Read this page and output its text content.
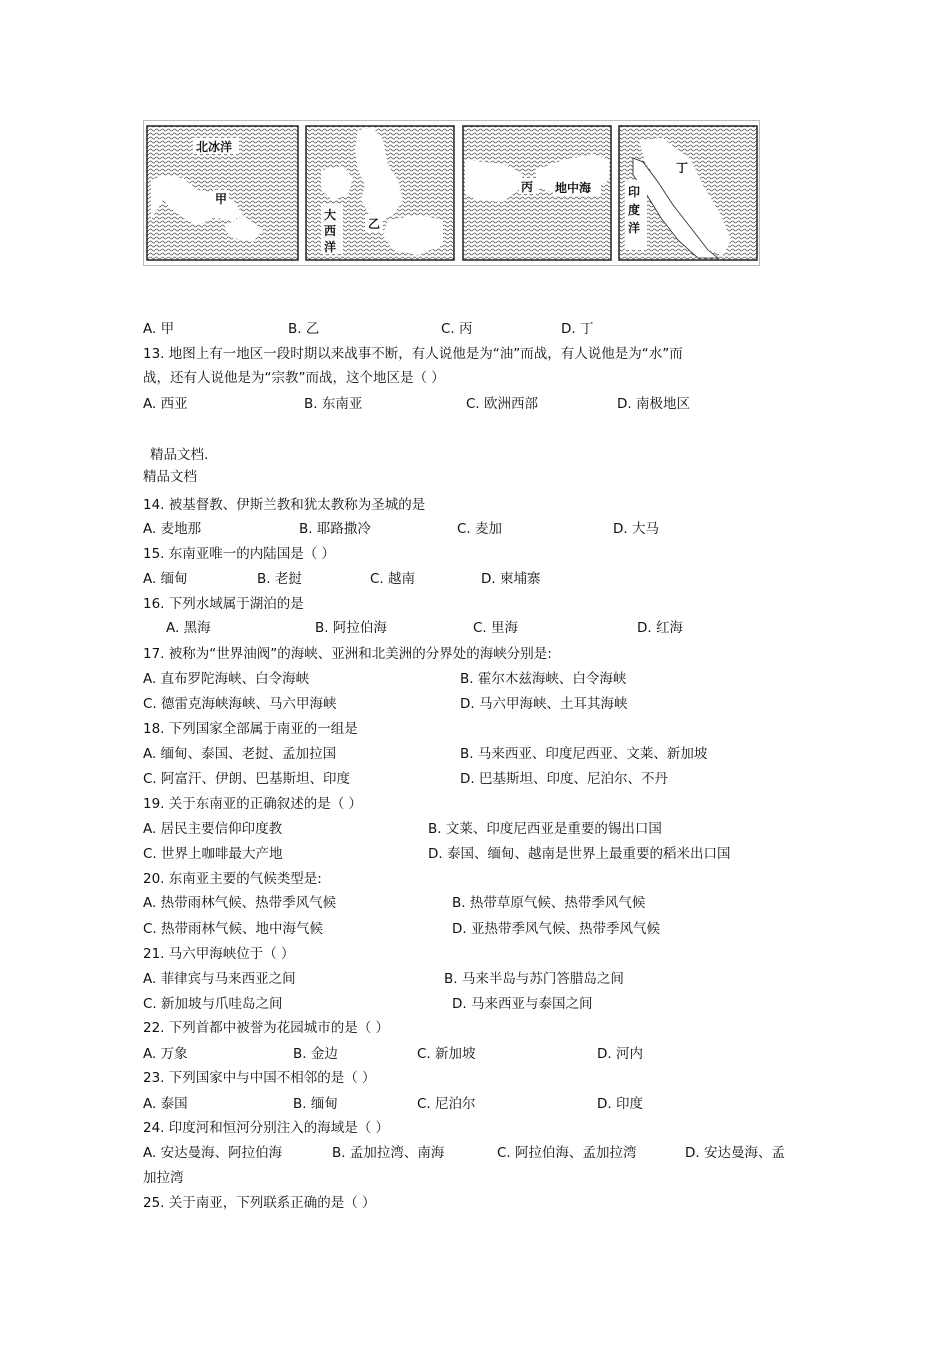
北冰洋
甲
大
西
洋
乙
丙 地中海	印
度
洋
丁
A. 甲	B. 乙	C. 丙	D. 丁
13. 地图上有一地区一段时期以来战事不断，有人说他是为“油”而战，有人说他是为“水”而
战，还有人说他是为“宗教”而战，这个地区是（ ）
A. 西亚	B. 东南亚	C. 欧洲西部	D. 南极地区
精品文档.
精品文档
14. 被基督教、伊斯兰教和犹太教称为圣城的是
A. 麦地那	B. 耶路撒冷	C. 麦加	D. 大马
15. 东南亚唯一的内陆国是（ ）
A. 缅甸	B. 老挝	C. 越南	D. 柬埔寨
16. 下列水域属于湖泊的是
A. 黑海	B. 阿拉伯海	C. 里海	D. 红海
17. 被称为“世界油阀”的海峡、亚洲和北美洲的分界处的海峡分别是:
A. 直布罗陀海峡、白令海峡	B. 霍尔木兹海峡、白令海峡
C. 德雷克海峡海峡、马六甲海峡	D. 马六甲海峡、土耳其海峡
18. 下列国家全部属于南亚的一组是
A. 缅甸、泰国、老挝、孟加拉国	B. 马来西亚、印度尼西亚、文莱、新加坡
C. 阿富汗、伊朗、巴基斯坦、印度	D. 巴基斯坦、印度、尼泊尔、不丹
19. 关于东南亚的正确叙述的是（ ）
A. 居民主要信仰印度教	B. 文莱、印度尼西亚是重要的锡出口国
C. 世界上咖啡最大产地	D. 泰国、缅甸、越南是世界上最重要的稻米出口国
20. 东南亚主要的气候类型是:
A. 热带雨林气候、热带季风气候	B. 热带草原气候、热带季风气候
C. 热带雨林气候、地中海气候	D. 亚热带季风气候、热带季风气候
21. 马六甲海峡位于（ ）
A. 菲律宾与马来西亚之间	B. 马来半岛与苏门答腊岛之间
C. 新加坡与爪哇岛之间	D. 马来西亚与泰国之间
22. 下列首都中被誉为花园城市的是（ ）
A. 万象	B. 金边	C. 新加坡	D. 河内
23. 下列国家中与中国不相邻的是（ ）
A. 泰国	B. 缅甸	C. 尼泊尔	D. 印度
24. 印度河和恒河分别注入的海域是（ ）
A. 安达曼海、阿拉伯海	B. 孟加拉湾、南海	C. 阿拉伯海、孟加拉湾	D. 安达曼海、孟
加拉湾
25. 关于南亚，下列联系正确的是（ ）
